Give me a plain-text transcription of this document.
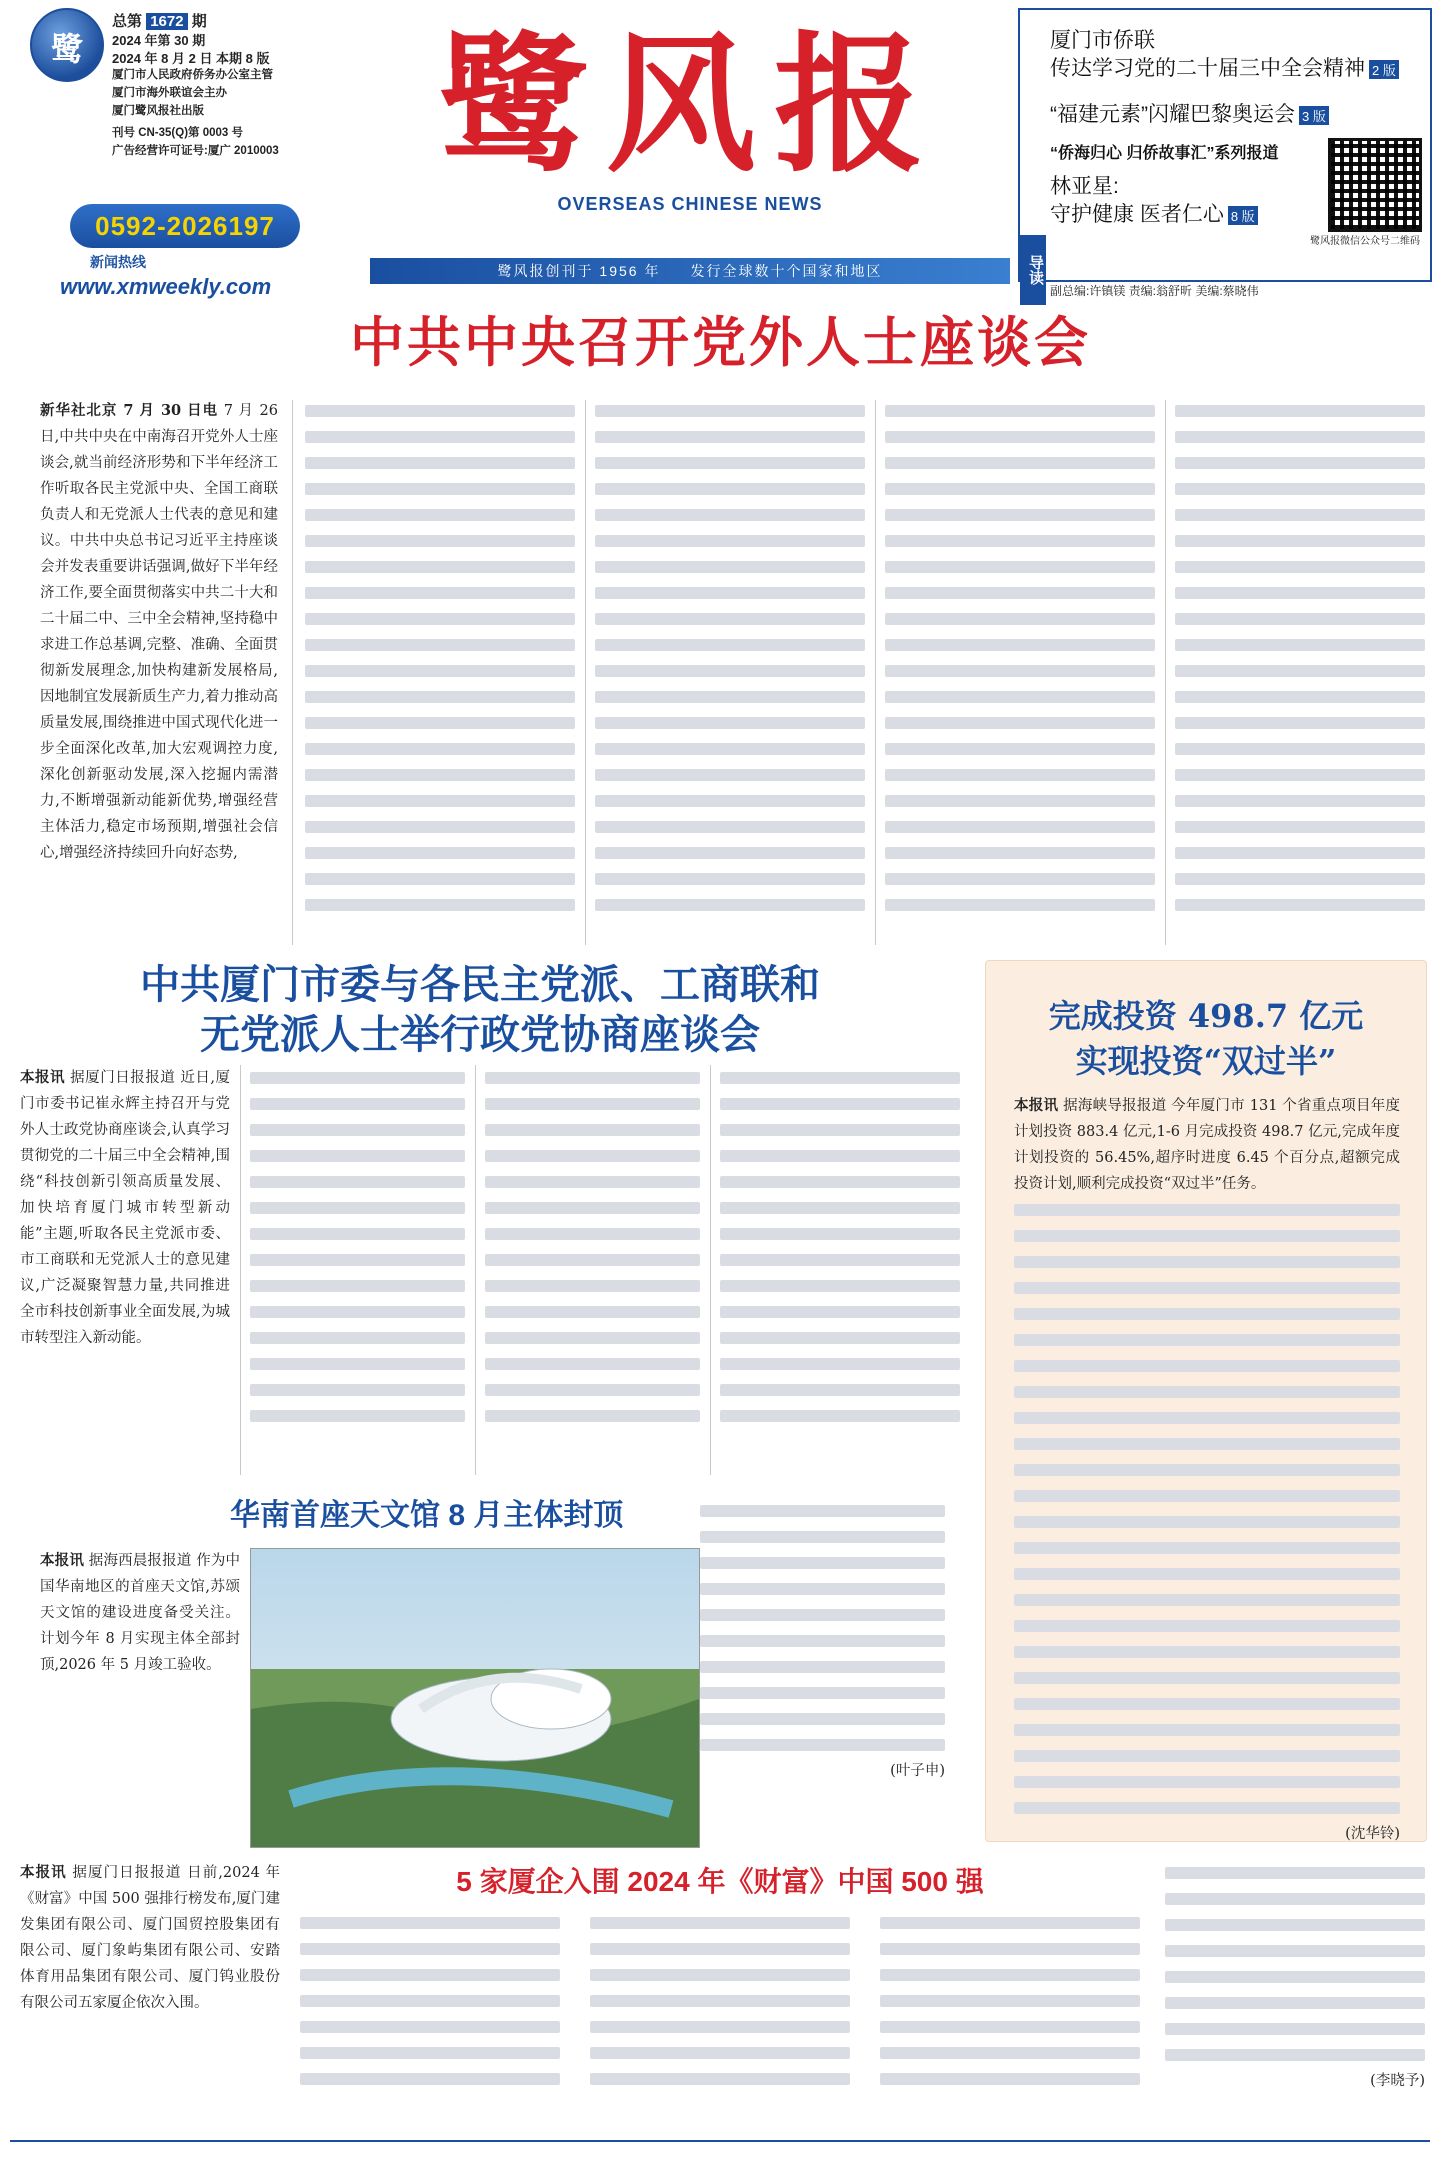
鹭
总第 1672 期
2024 年第 30 期
2024 年 8 月 2 日 本期 8 版
厦门市人民政府侨务办公室主管
厦门市海外联谊会主办
厦门鹭风报社出版
刊号 CN-35(Q)第 0003 号
广告经营许可证号:厦广 2010003
0592-2026197
新闻热线
www.xmweekly.com
鹭风报
OVERSEAS CHINESE NEWS
鹭风报创刊于 1956 年 发行全球数十个国家和地区
厦门市侨联
传达学习党的二十届三中全会精神 2 版
“福建元素”闪耀巴黎奥运会 3 版
“侨海归心 归侨故事汇”系列报道
林亚星:
守护健康 医者仁心 8 版
导读
鹭风报微信公众号二维码
副总编:许镇镁 责编:翁舒昕 美编:蔡晓伟
中共中央召开党外人士座谈会
新华社北京 7 月 30 日电 7 月 26 日,中共中央在中南海召开党外人士座谈会,就当前经济形势和下半年经济工作听取各民主党派中央、全国工商联负责人和无党派人士代表的意见和建议。中共中央总书记习近平主持座谈会并发表重要讲话强调,做好下半年经济工作,要全面贯彻落实中共二十大和二十届二中、三中全会精神,坚持稳中求进工作总基调,完整、准确、全面贯彻新发展理念,加快构建新发展格局,因地制宜发展新质生产力,着力推动高质量发展,围绕推进中国式现代化进一步全面深化改革,加大宏观调控力度,深化创新驱动发展,深入挖掘内需潜力,不断增强新动能新优势,增强经营主体活力,稳定市场预期,增强社会信心,增强经济持续回升向好态势,
中共厦门市委与各民主党派、工商联和
无党派人士举行政党协商座谈会
本报讯 据厦门日报报道 近日,厦门市委书记崔永辉主持召开与党外人士政党协商座谈会,认真学习贯彻党的二十届三中全会精神,围绕“科技创新引领高质量发展、加快培育厦门城市转型新动能”主题,听取各民主党派市委、市工商联和无党派人士的意见建议,广泛凝聚智慧力量,共同推进全市科技创新事业全面发展,为城市转型注入新动能。
完成投资 498.7 亿元
实现投资“双过半”
本报讯 据海峡导报报道 今年厦门市 131 个省重点项目年度计划投资 883.4 亿元,1-6 月完成投资 498.7 亿元,完成年度计划投资的 56.45%,超序时进度 6.45 个百分点,超额完成投资计划,顺利完成投资“双过半”任务。
(沈华铃)
华南首座天文馆 8 月主体封顶
本报讯 据海西晨报报道 作为中国华南地区的首座天文馆,苏颂天文馆的建设进度备受关注。计划今年 8 月实现主体全部封顶,2026 年 5 月竣工验收。
(叶子申)
5 家厦企入围 2024 年《财富》中国 500 强
本报讯 据厦门日报报道 日前,2024 年《财富》中国 500 强排行榜发布,厦门建发集团有限公司、厦门国贸控股集团有限公司、厦门象屿集团有限公司、安踏体育用品集团有限公司、厦门钨业股份有限公司五家厦企依次入围。
(李晓予)
